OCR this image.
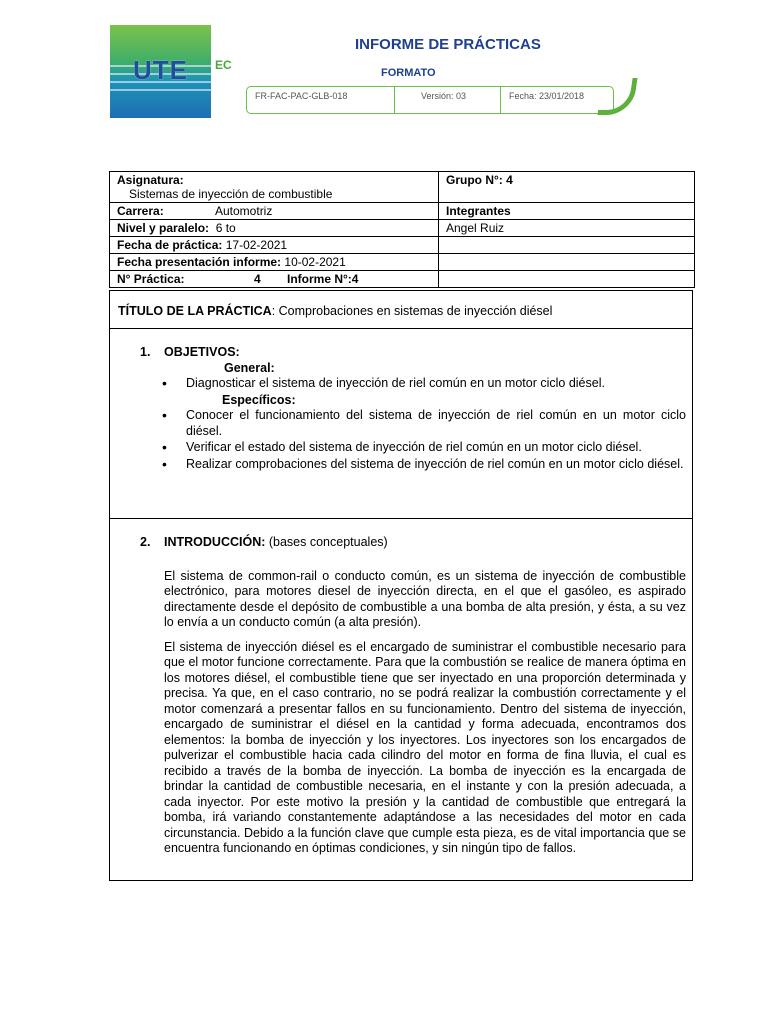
UTE	EC
INFORME DE PRÁCTICAS
FORMATO
FR-FAC-PAC-GLB-018	Versión: 03	Fecha: 23/01/2018
Asignatura:
Sistemas de inyección de combustible	Grupo N°: 4
Carrera: Automotriz	Integrantes
Nivel y paralelo: 6 to	Angel Ruiz
Fecha de práctica: 17-02-2021	
Fecha presentación informe: 10-02-2021	
N° Práctica: 4 Informe N°:4	
TÍTULO DE LA PRÁCTICA: Comprobaciones en sistemas de inyección diésel
1. OBJETIVOS:
General:
• Diagnosticar el sistema de inyección de riel común en un motor ciclo diésel.
Específicos:
• Conocer el funcionamiento del sistema de inyección de riel común en un motor ciclo diésel.
• Verificar el estado del sistema de inyección de riel común en un motor ciclo diésel.
• Realizar comprobaciones del sistema de inyección de riel común en un motor ciclo diésel.
2. INTRODUCCIÓN: (bases conceptuales)

El sistema de common-rail o conducto común, es un sistema de inyección de combustible electrónico, para motores diesel de inyección directa, en el que el gasóleo, es aspirado directamente desde el depósito de combustible a una bomba de alta presión, y ésta, a su vez lo envía a un conducto común (a alta presión).

El sistema de inyección diésel es el encargado de suministrar el combustible necesario para que el motor funcione correctamente. Para que la combustión se realice de manera óptima en los motores diésel, el combustible tiene que ser inyectado en una proporción determinada y precisa. Ya que, en el caso contrario, no se podrá realizar la combustión correctamente y el motor comenzará a presentar fallos en su funcionamiento. Dentro del sistema de inyección, encargado de suministrar el diésel en la cantidad y forma adecuada, encontramos dos elementos: la bomba de inyección y los inyectores. Los inyectores son los encargados de pulverizar el combustible hacia cada cilindro del motor en forma de fina lluvia, el cual es recibido a través de la bomba de inyección. La bomba de inyección es la encargada de brindar la cantidad de combustible necesaria, en el instante y con la presión adecuada, a cada inyector. Por este motivo la presión y la cantidad de combustible que entregará la bomba, irá variando constantemente adaptándose a las necesidades del motor en cada circunstancia. Debido a la función clave que cumple esta pieza, es de vital importancia que se encuentra funcionando en óptimas condiciones, y sin ningún tipo de fallos.
